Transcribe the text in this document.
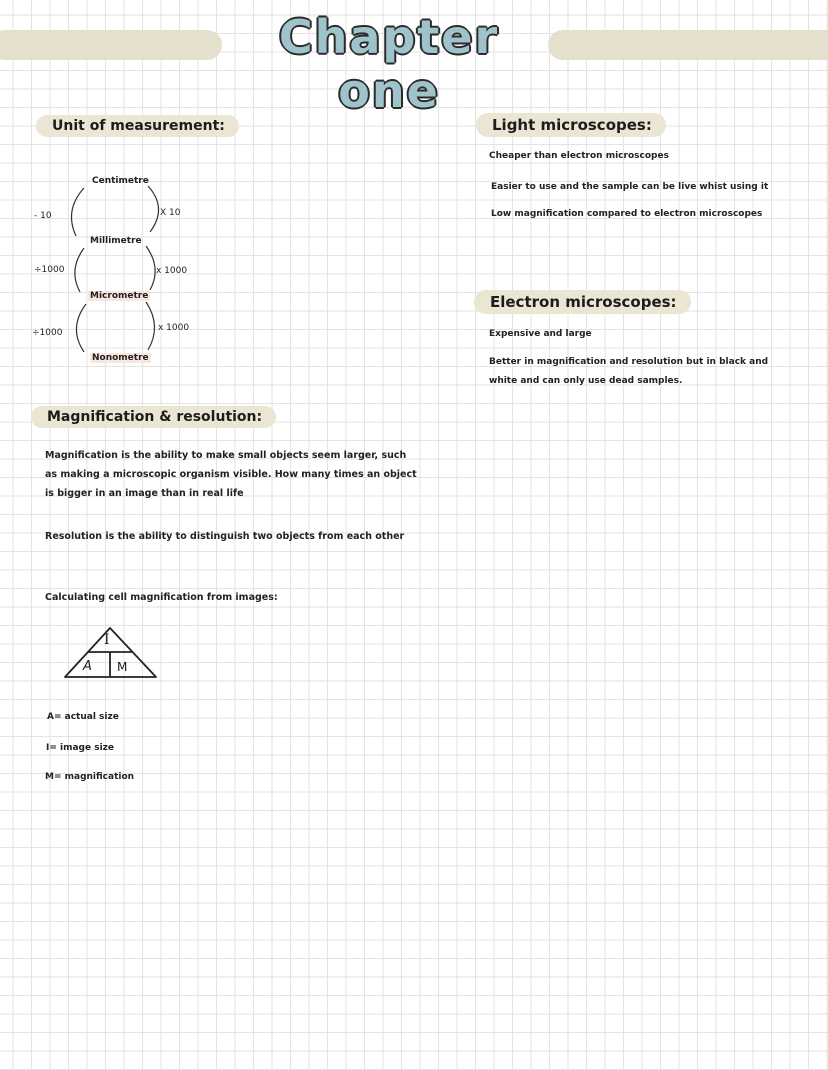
Chapter one
Unit of measurement:
Centimetre
Millimetre
Micrometre
Nonometre
- 10
÷1000
÷1000
X 10
x 1000
x 1000
Light microscopes:
Cheaper than electron microscopes
Easier to use and the sample can be live whist using it
Low magnification compared to electron microscopes
Electron microscopes:
Expensive and large
Better in magnification and resolution but in black and white and can only use dead samples.
Magnification & resolution:
Magnification is the ability to make small objects seem larger, such as making a microscopic organism visible. How many times an object is bigger in an image than in real life
Resolution is the ability to distinguish two objects from each other
Calculating cell magnification from images:
I
A M
A= actual size
I= image size
M= magnification
